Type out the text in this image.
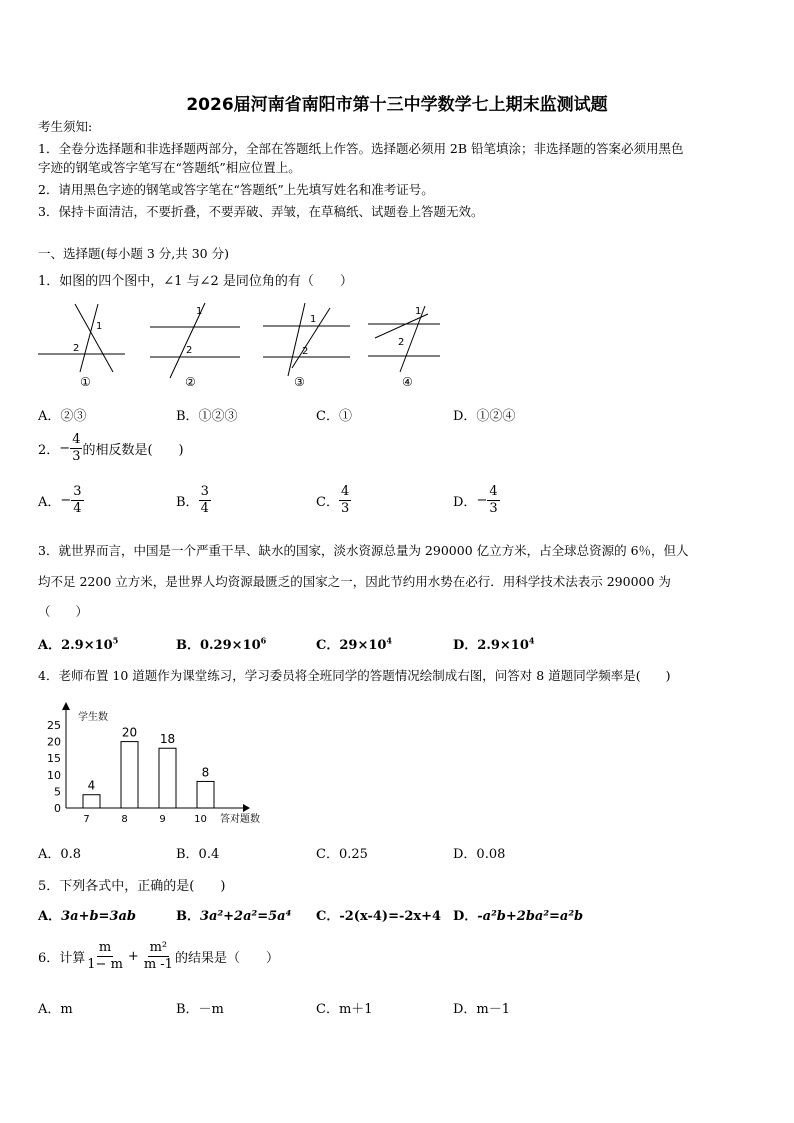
2026届河南省南阳市第十三中学数学七上期末监测试题
考生须知:
1．全卷分选择题和非选择题两部分，全部在答题纸上作答。选择题必须用 2B 铅笔填涂；非选择题的答案必须用黑色
字迹的钢笔或答字笔写在“答题纸”相应位置上。
2．请用黑色字迹的钢笔或答字笔在“答题纸”上先填写姓名和准考证号。
3．保持卡面清洁，不要折叠，不要弄破、弄皱，在草稿纸、试题卷上答题无效。
一、选择题(每小题 3 分,共 30 分)
1．如图的四个图中，∠1 与∠2 是同位角的有（　　）
1
2
①
1
2
②
1
2
③
1
2
④
A．②③	B．①②③	C．①	D．①②④
2． − $\frac{4}{3}$ 的相反数是(　　)
A． − $\frac{3}{4}$	B． $\frac{3}{4}$	C． $\frac{4}{3}$	D． − $\frac{4}{3}$
3．就世界而言，中国是一个严重干旱、缺水的国家，淡水资源总量为 290000 亿立方米，占全球总资源的 6％，但人
均不足 2200 立方米，是世界人均资源最匮乏的国家之一，因此节约用水势在必行．用科学技术法表示 290000 为
（　　）
A．$2.9\times 10^5$	B．$0.29\times 10^6$	C．$29\times 10^4$	D．$2.9\times 10^4$
4．老师布置 10 道题作为课堂练习，学习委员将全班同学的答题情况绘制成右图，问答对 8 道题同学频率是(　　)
学生数
答对题数
4
7
20
8
18
9
8
10
0
5
10
15
20
25
A．0.8	B．0.4	C．0.25	D．0.08
5．下列各式中，正确的是(　　)
A．3a+b=3ab	B．3a²+2a²=5a⁴ C．-2(x-4)=-2x+4 D．-a²b+2ba²=a²b
6．计算 $\frac{m}{1- m} + \frac{\text{m²}}{m -1}$ 的结果是（　　）
A．m	B．－m	C．m＋1	D．m－1
